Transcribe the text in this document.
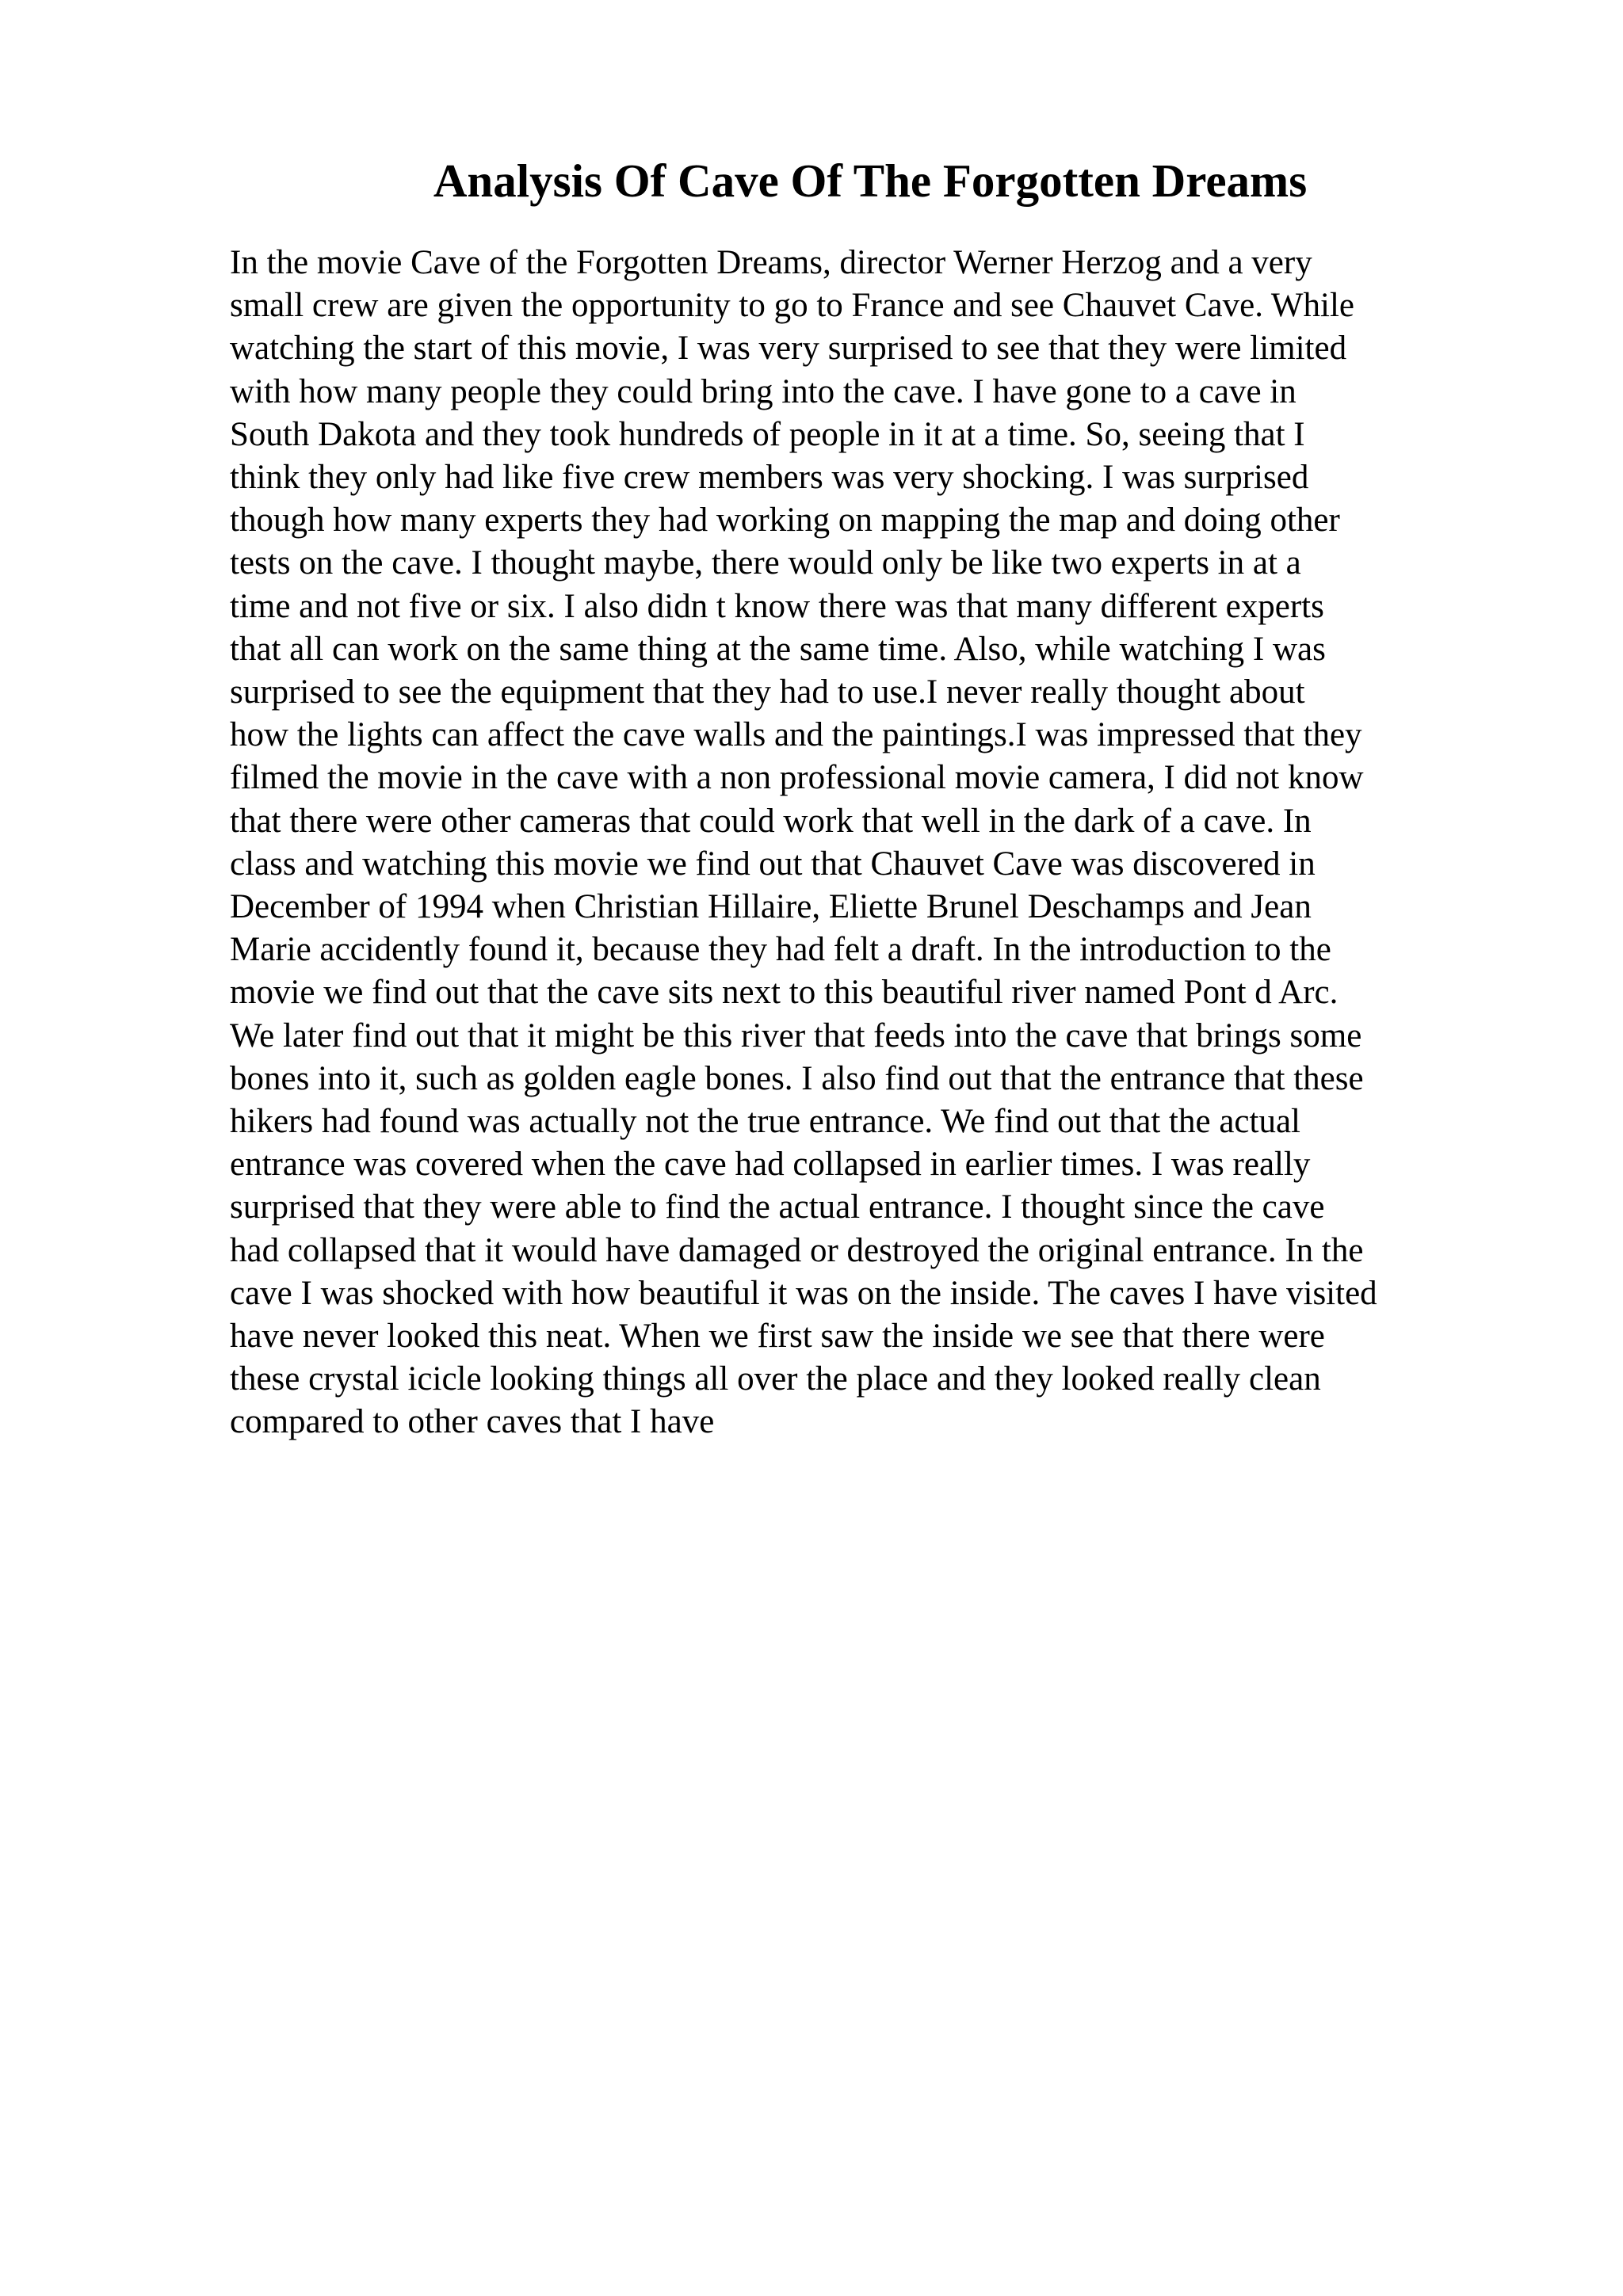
Analysis Of Cave Of The Forgotten Dreams
In the movie Cave of the Forgotten Dreams, director Werner Herzog and a very
small crew are given the opportunity to go to France and see Chauvet Cave. While
watching the start of this movie, I was very surprised to see that they were limited
with how many people they could bring into the cave. I have gone to a cave in
South Dakota and they took hundreds of people in it at a time. So, seeing that I
think they only had like five crew members was very shocking. I was surprised
though how many experts they had working on mapping the map and doing other
tests on the cave. I thought maybe, there would only be like two experts in at a
time and not five or six. I also didn t know there was that many different experts
that all can work on the same thing at the same time. Also, while watching I was
surprised to see the equipment that they had to use.I never really thought about
how the lights can affect the cave walls and the paintings.I was impressed that they
filmed the movie in the cave with a non professional movie camera, I did not know
that there were other cameras that could work that well in the dark of a cave. In
class and watching this movie we find out that Chauvet Cave was discovered in
December of 1994 when Christian Hillaire, Eliette Brunel Deschamps and Jean
Marie accidently found it, because they had felt a draft. In the introduction to the
movie we find out that the cave sits next to this beautiful river named Pont d Arc.
We later find out that it might be this river that feeds into the cave that brings some
bones into it, such as golden eagle bones. I also find out that the entrance that these
hikers had found was actually not the true entrance. We find out that the actual
entrance was covered when the cave had collapsed in earlier times. I was really
surprised that they were able to find the actual entrance. I thought since the cave
had collapsed that it would have damaged or destroyed the original entrance. In the
cave I was shocked with how beautiful it was on the inside. The caves I have visited
have never looked this neat. When we first saw the inside we see that there were
these crystal icicle looking things all over the place and they looked really clean
compared to other caves that I have
